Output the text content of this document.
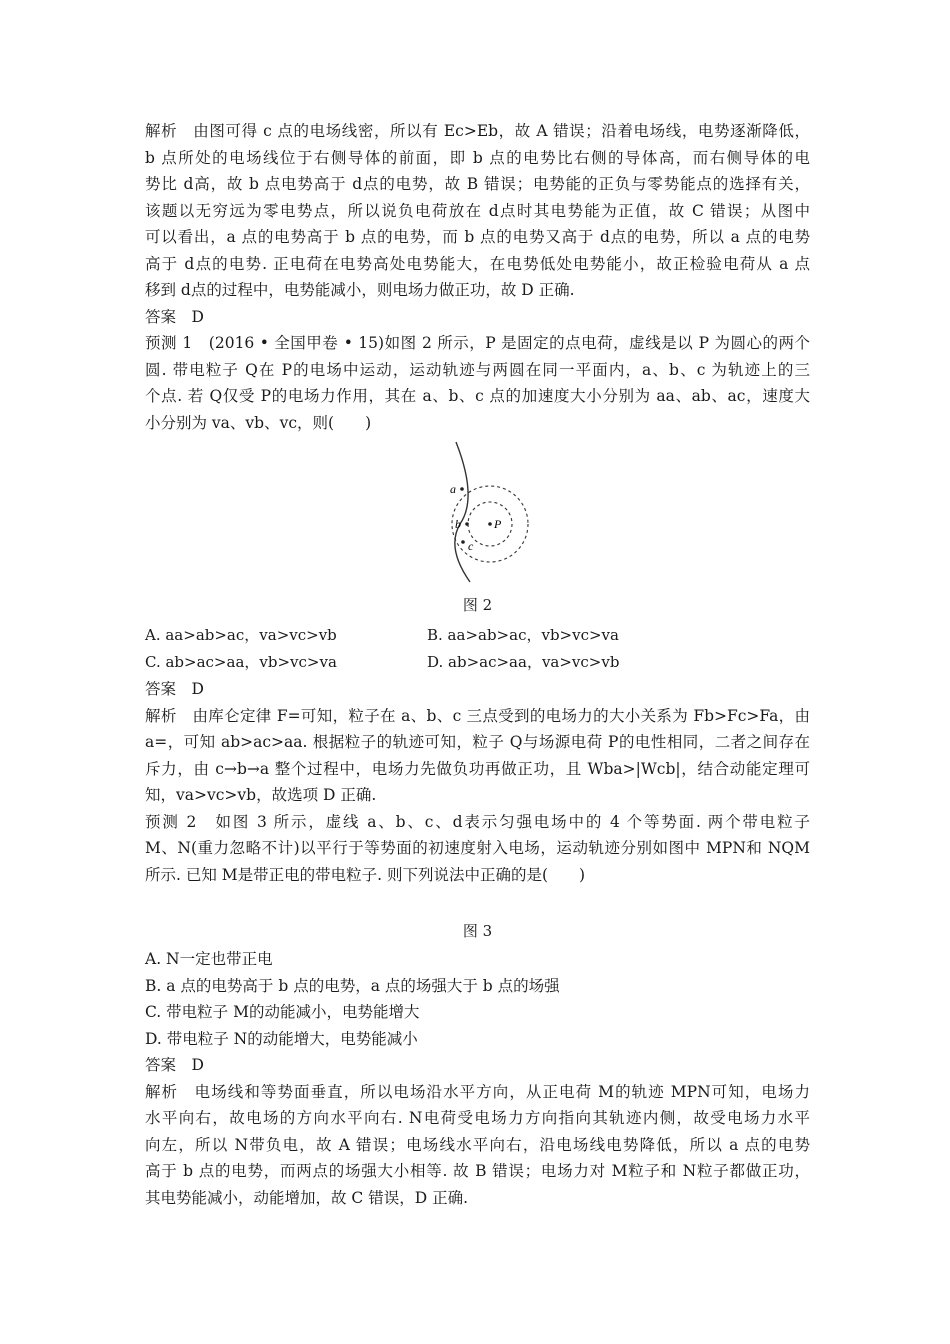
解析　由图可得 c 点的电场线密，所以有 Ec>Eb，故 A 错误；沿着电场线，电势逐渐降低，
b 点所处的电场线位于右侧导体的前面，即 b 点的电势比右侧的导体高，而右侧导体的电
势比 d高，故 b 点电势高于 d点的电势，故 B 错误；电势能的正负与零势能点的选择有关，
该题以无穷远为零电势点，所以说负电荷放在 d点时其电势能为正值，故 C 错误；从图中
可以看出，a 点的电势高于 b 点的电势，而 b 点的电势又高于 d点的电势，所以 a 点的电势
高于 d点的电势. 正电荷在电势高处电势能大，在电势低处电势能小，故正检验电荷从 a 点
移到 d点的过程中，电势能减小，则电场力做正功，故 D 正确.
答案　D
预测 1　(2016 • 全国甲卷 • 15)如图 2 所示，P 是固定的点电荷，虚线是以 P 为圆心的两个
圆. 带电粒子 Q在 P的电场中运动，运动轨迹与两圆在同一平面内，a、b、c 为轨迹上的三
个点. 若 Q仅受 P的电场力作用，其在 a、b、c 点的加速度大小分别为 aa、ab、ac，速度大
小分别为 va、vb、vc，则(　　)
a
b
c
P
图 2
A. aa>ab>ac，va>vc>vb	B. aa>ab>ac，vb>vc>va
C. ab>ac>aa，vb>vc>va	D. ab>ac>aa，va>vc>vb
答案　D
解析　由库仑定律 F=可知，粒子在 a、b、c 三点受到的电场力的大小关系为 Fb>Fc>Fa，由
a=，可知 ab>ac>aa. 根据粒子的轨迹可知，粒子 Q与场源电荷 P的电性相同，二者之间存在
斥力，由 c→b→a 整个过程中，电场力先做负功再做正功，且 Wba>|Wcb|，结合动能定理可
知，va>vc>vb，故选项 D 正确.
预测 2　如图 3 所示，虚线 a、b、c、d表示匀强电场中的 4 个等势面. 两个带电粒子
M、N(重力忽略不计)以平行于等势面的初速度射入电场，运动轨迹分别如图中 MPN和 NQM
所示. 已知 M是带正电的带电粒子. 则下列说法中正确的是(　　)
图 3
A. N一定也带正电
B. a 点的电势高于 b 点的电势，a 点的场强大于 b 点的场强
C. 带电粒子 M的动能减小，电势能增大
D. 带电粒子 N的动能增大，电势能减小
答案　D
解析　电场线和等势面垂直，所以电场沿水平方向，从正电荷 M的轨迹 MPN可知，电场力
水平向右，故电场的方向水平向右. N电荷受电场力方向指向其轨迹内侧，故受电场力水平
向左，所以 N带负电，故 A 错误；电场线水平向右，沿电场线电势降低，所以 a 点的电势
高于 b 点的电势，而两点的场强大小相等. 故 B 错误；电场力对 M粒子和 N粒子都做正功，
其电势能减小，动能增加，故 C 错误，D 正确.
